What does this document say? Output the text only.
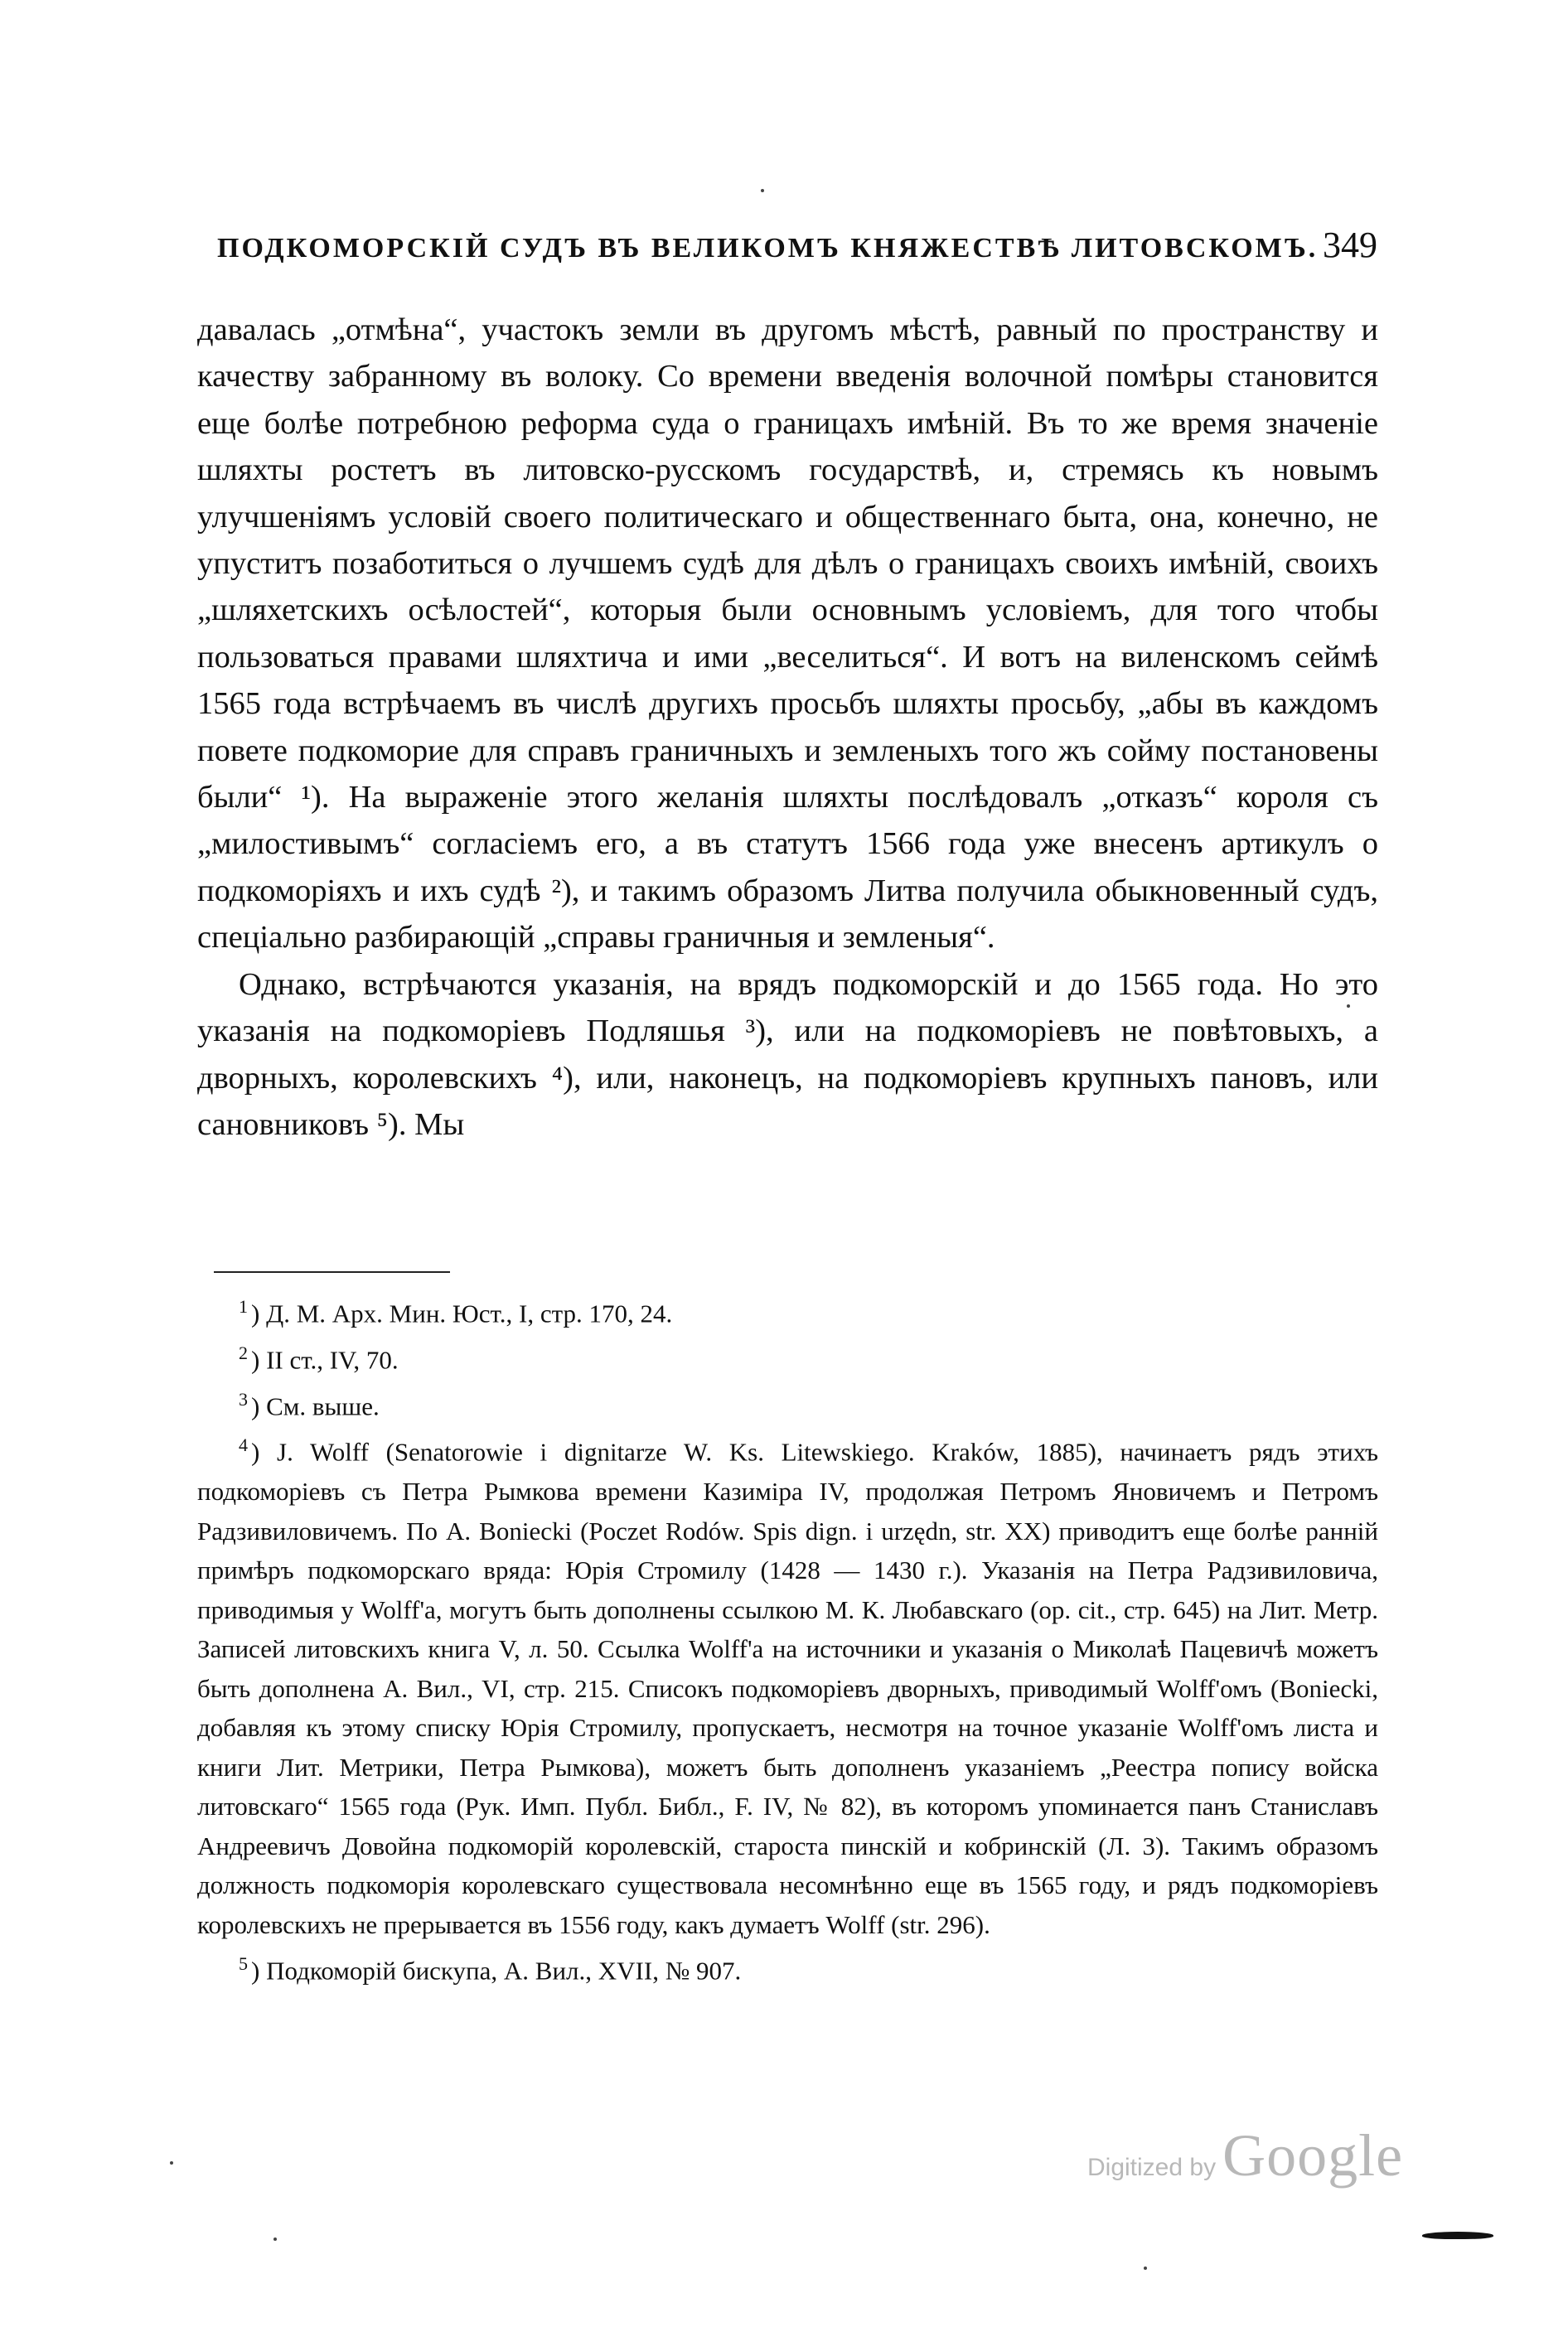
ПОДКОМОРСКІЙ СУДЪ ВЪ ВЕЛИКОМЪ КНЯЖЕСТВѢ ЛИТОВСКОМЪ. 349

давалась „отмѣна“, участокъ земли въ другомъ мѣстѣ, равный по пространству и качеству забранному въ волоку. Со времени введенія волочной помѣры становится еще болѣе потребною реформа суда о границахъ имѣній. Въ то же время значеніе шляхты ростетъ въ литовско-русскомъ государствѣ, и, стремясь къ новымъ улучшеніямъ условій своего политическаго и общественнаго быта, она, конечно, не упуститъ позаботиться о лучшемъ судѣ для дѣлъ о границахъ своихъ имѣній, своихъ „шляхетскихъ осѣлостей“, которыя были основнымъ условіемъ, для того чтобы пользоваться правами шляхтича и ими „веселиться“. И вотъ на виленскомъ сеймѣ 1565 года встрѣчаемъ въ числѣ другихъ просьбъ шляхты просьбу, „абы въ каждомъ повете подкоморие для справъ граничныхъ и земленыхъ того жъ сойму постановены были“ ¹). На выраженіе этого желанія шляхты послѣдовалъ „отказъ“ короля съ „милостивымъ“ согласіемъ его, а въ статутъ 1566 года уже внесенъ артикулъ о подкоморіяхъ и ихъ судѣ ²), и такимъ образомъ Литва получила обыкновенный судъ, спеціально разбирающій „справы граничныя и земленыя“.

Однако, встрѣчаются указанія, на врядъ подкоморскій и до 1565 года. Но это указанія на подкоморіевъ Подляшья ³), или на подкоморіевъ не повѣтовыхъ, а дворныхъ, королевскихъ ⁴), или, наконецъ, на подкоморіевъ крупныхъ пановъ, или сановниковъ ⁵). Мы

$^1$ ) Д. М. Арх. Мин. Юст., I, стр. 170, 24.

$^2$ ) II ст., IV, 70.

$^3$ ) См. выше.

$^4$ ) J. Wolff (Senatorowie i dignitarze W. Ks. Litewskiego. Kraków, 1885), начинаетъ рядъ этихъ подкоморіевъ съ Петра Рымкова времени Казиміра IV, продолжая Петромъ Яновичемъ и Петромъ Радзивиловичемъ. По А. Boniecki (Poczet Rodów. Spis dign. i urzędn, str. XX) приводитъ еще болѣе ранній примѣръ подкоморскаго вряда: Юрія Стромилу (1428 — 1430 г.). Указанія на Петра Радзивиловича, приводимыя у Wolff'а, могутъ быть дополнены ссылкою М. К. Любавскаго (op. cit., стр. 645) на Лит. Метр. Записей литовскихъ книга V, л. 50. Ссылка Wolff'а на источники и указанія о Миколаѣ Пацевичѣ можетъ быть дополнена А. Вил., VI, стр. 215. Списокъ подкоморіевъ дворныхъ, приводимый Wolff'омъ (Boniecki, добавляя къ этому списку Юрія Стромилу, пропускаетъ, несмотря на точное указаніе Wolff'омъ листа и книги Лит. Метрики, Петра Рымкова), можетъ быть дополненъ указаніемъ „Реестра попису войска литовскаго“ 1565 года (Рук. Имп. Публ. Библ., F. IV, № 82), въ которомъ упоминается панъ Станиславъ Андреевичъ Довойна подкоморій королевскій, староста пинскій и кобринскій (Л. 3). Такимъ образомъ должность подкоморія королевскаго существовала несомнѣнно еще въ 1565 году, и рядъ подкоморіевъ королевскихъ не прерывается въ 1556 году, какъ думаетъ Wolff (str. 296).

$^5$ ) Подкоморій бискупа, А. Вил., XVII, № 907.

Digitized by Google
